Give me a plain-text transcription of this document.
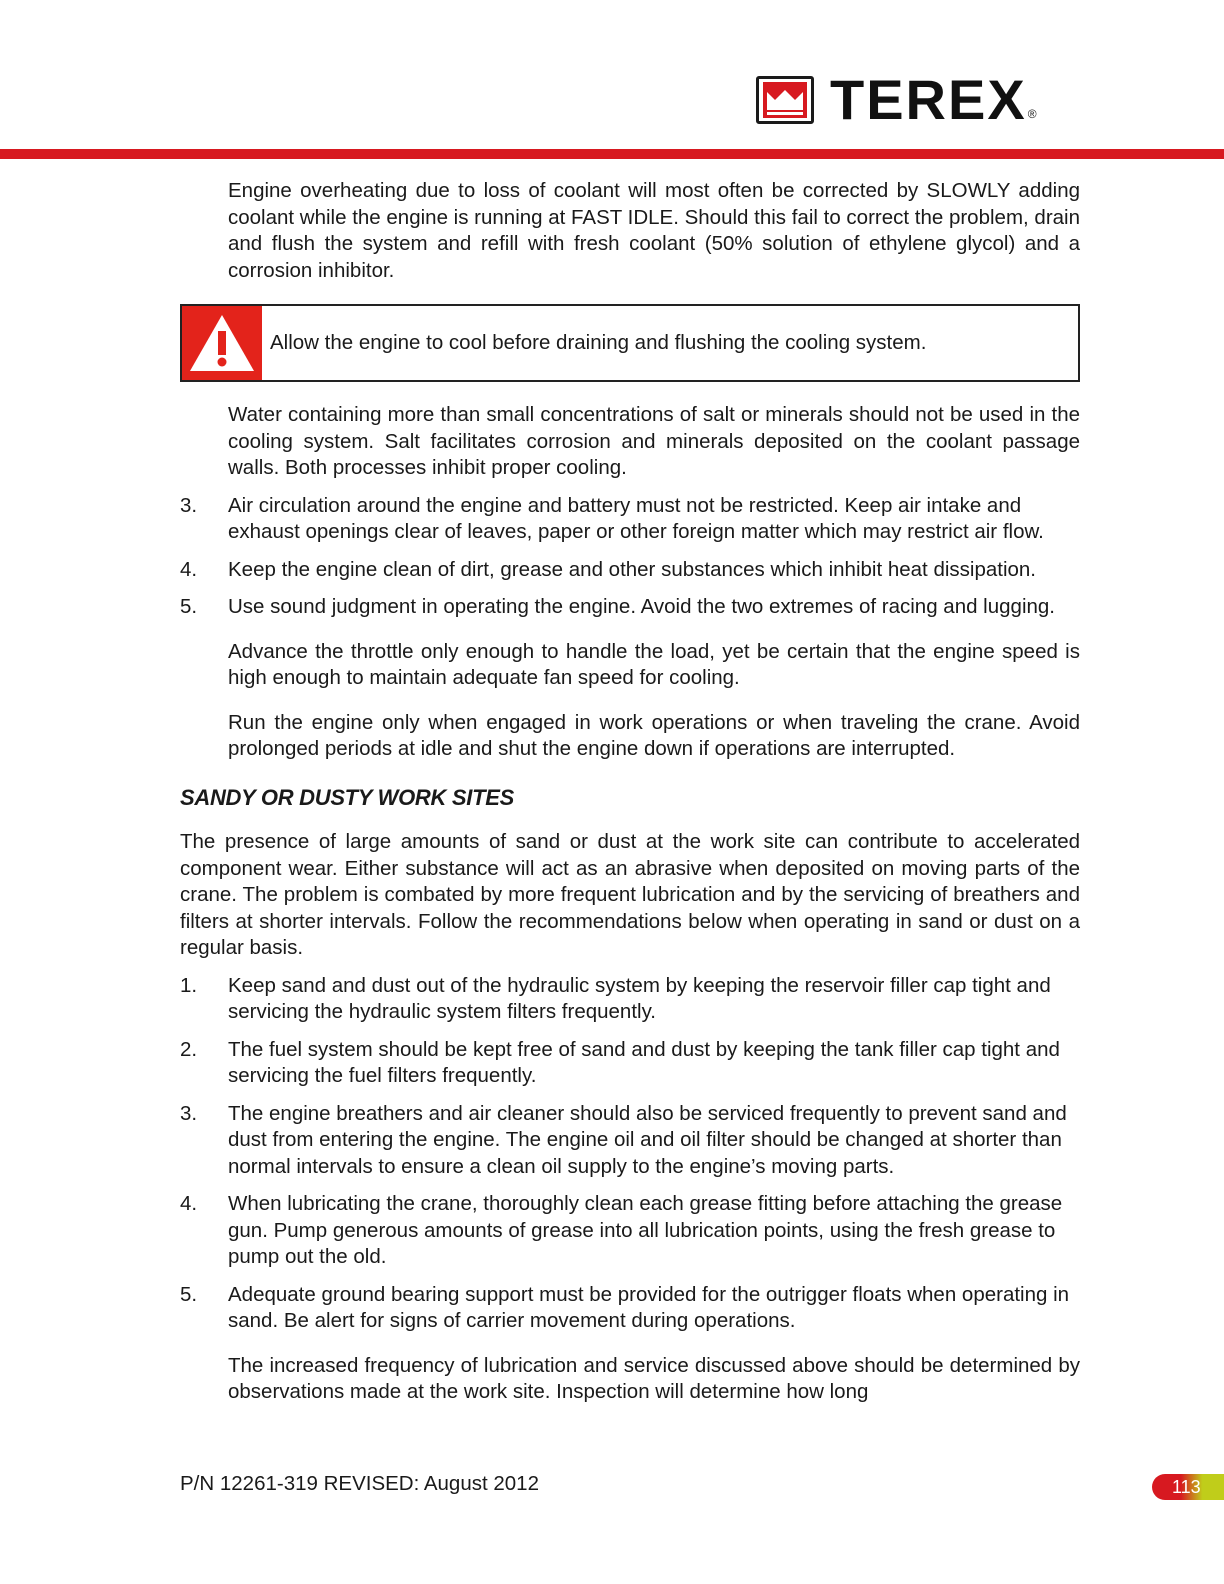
TEREX ®

Engine overheating due to loss of coolant will most often be corrected by SLOWLY adding coolant while the engine is running at FAST IDLE. Should this fail to correct the problem, drain and flush the system and refill with fresh coolant (50% solution of ethylene glycol) and a corrosion inhibitor.

Allow the engine to cool before draining and flushing the cooling system.

Water containing more than small concentrations of salt or minerals should not be used in the cooling system. Salt facilitates corrosion and minerals deposited on the coolant passage walls. Both processes inhibit proper cooling.

3.	Air circulation around the engine and battery must not be restricted. Keep air intake and exhaust openings clear of leaves, paper or other foreign matter which may restrict air flow.
4.	Keep the engine clean of dirt, grease and other substances which inhibit heat dissipation.
5.	Use sound judgment in operating the engine. Avoid the two extremes of racing and lugging.

Advance the throttle only enough to handle the load, yet be certain that the engine speed is high enough to maintain adequate fan speed for cooling.

Run the engine only when engaged in work operations or when traveling the crane. Avoid prolonged periods at idle and shut the engine down if operations are interrupted.

SANDY OR DUSTY WORK SITES

The presence of large amounts of sand or dust at the work site can contribute to accelerated component wear. Either substance will act as an abrasive when deposited on moving parts of the crane. The problem is combated by more frequent lubrication and by the servicing of breathers and filters at shorter intervals. Follow the recommendations below when operating in sand or dust on a regular basis.

1.	Keep sand and dust out of the hydraulic system by keeping the reservoir filler cap tight and servicing the hydraulic system filters frequently.
2.	The fuel system should be kept free of sand and dust by keeping the tank filler cap tight and servicing the fuel filters frequently.
3.	The engine breathers and air cleaner should also be serviced frequently to prevent sand and dust from entering the engine. The engine oil and oil filter should be changed at shorter than normal intervals to ensure a clean oil supply to the engine’s moving parts.
4.	When lubricating the crane, thoroughly clean each grease fitting before attaching the grease gun. Pump generous amounts of grease into all lubrication points, using the fresh grease to pump out the old.
5.	Adequate ground bearing support must be provided for the outrigger floats when operating in sand. Be alert for signs of carrier movement during operations.

The increased frequency of lubrication and service discussed above should be determined by observations made at the work site. Inspection will determine how long

P/N 12261-319 REVISED: August 2012	113
